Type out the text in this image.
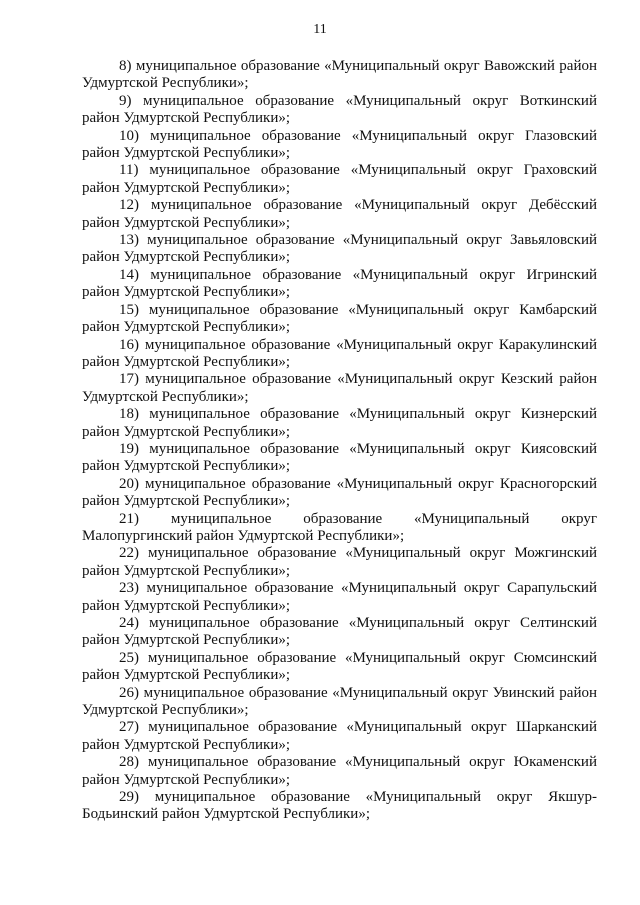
11
8) муниципальное образование «Муниципальный округ Вавожский район Удмуртской Республики»;
9) муниципальное образование «Муниципальный округ Воткинский район Удмуртской Республики»;
10) муниципальное образование «Муниципальный округ Глазовский район Удмуртской Республики»;
11) муниципальное образование «Муниципальный округ Граховский район Удмуртской Республики»;
12) муниципальное образование «Муниципальный округ Дебёсский район Удмуртской Республики»;
13) муниципальное образование «Муниципальный округ Завьяловский район Удмуртской Республики»;
14) муниципальное образование «Муниципальный округ Игринский район Удмуртской Республики»;
15) муниципальное образование «Муниципальный округ Камбарский район Удмуртской Республики»;
16) муниципальное образование «Муниципальный округ Каракулинский район Удмуртской Республики»;
17) муниципальное образование «Муниципальный округ Кезский район Удмуртской Республики»;
18) муниципальное образование «Муниципальный округ Кизнерский район Удмуртской Республики»;
19) муниципальное образование «Муниципальный округ Киясовский район Удмуртской Республики»;
20) муниципальное образование «Муниципальный округ Красногорский район Удмуртской Республики»;
21) муниципальное образование «Муниципальный округ Малопургинский район Удмуртской Республики»;
22) муниципальное образование «Муниципальный округ Можгинский район Удмуртской Республики»;
23) муниципальное образование «Муниципальный округ Сарапульский район Удмуртской Республики»;
24) муниципальное образование «Муниципальный округ Селтинский район Удмуртской Республики»;
25) муниципальное образование «Муниципальный округ Сюмсинский район Удмуртской Республики»;
26) муниципальное образование «Муниципальный округ Увинский район Удмуртской Республики»;
27) муниципальное образование «Муниципальный округ Шарканский район Удмуртской Республики»;
28) муниципальное образование «Муниципальный округ Юкаменский район Удмуртской Республики»;
29) муниципальное образование «Муниципальный округ Якшур-Бодьинский район Удмуртской Республики»;
